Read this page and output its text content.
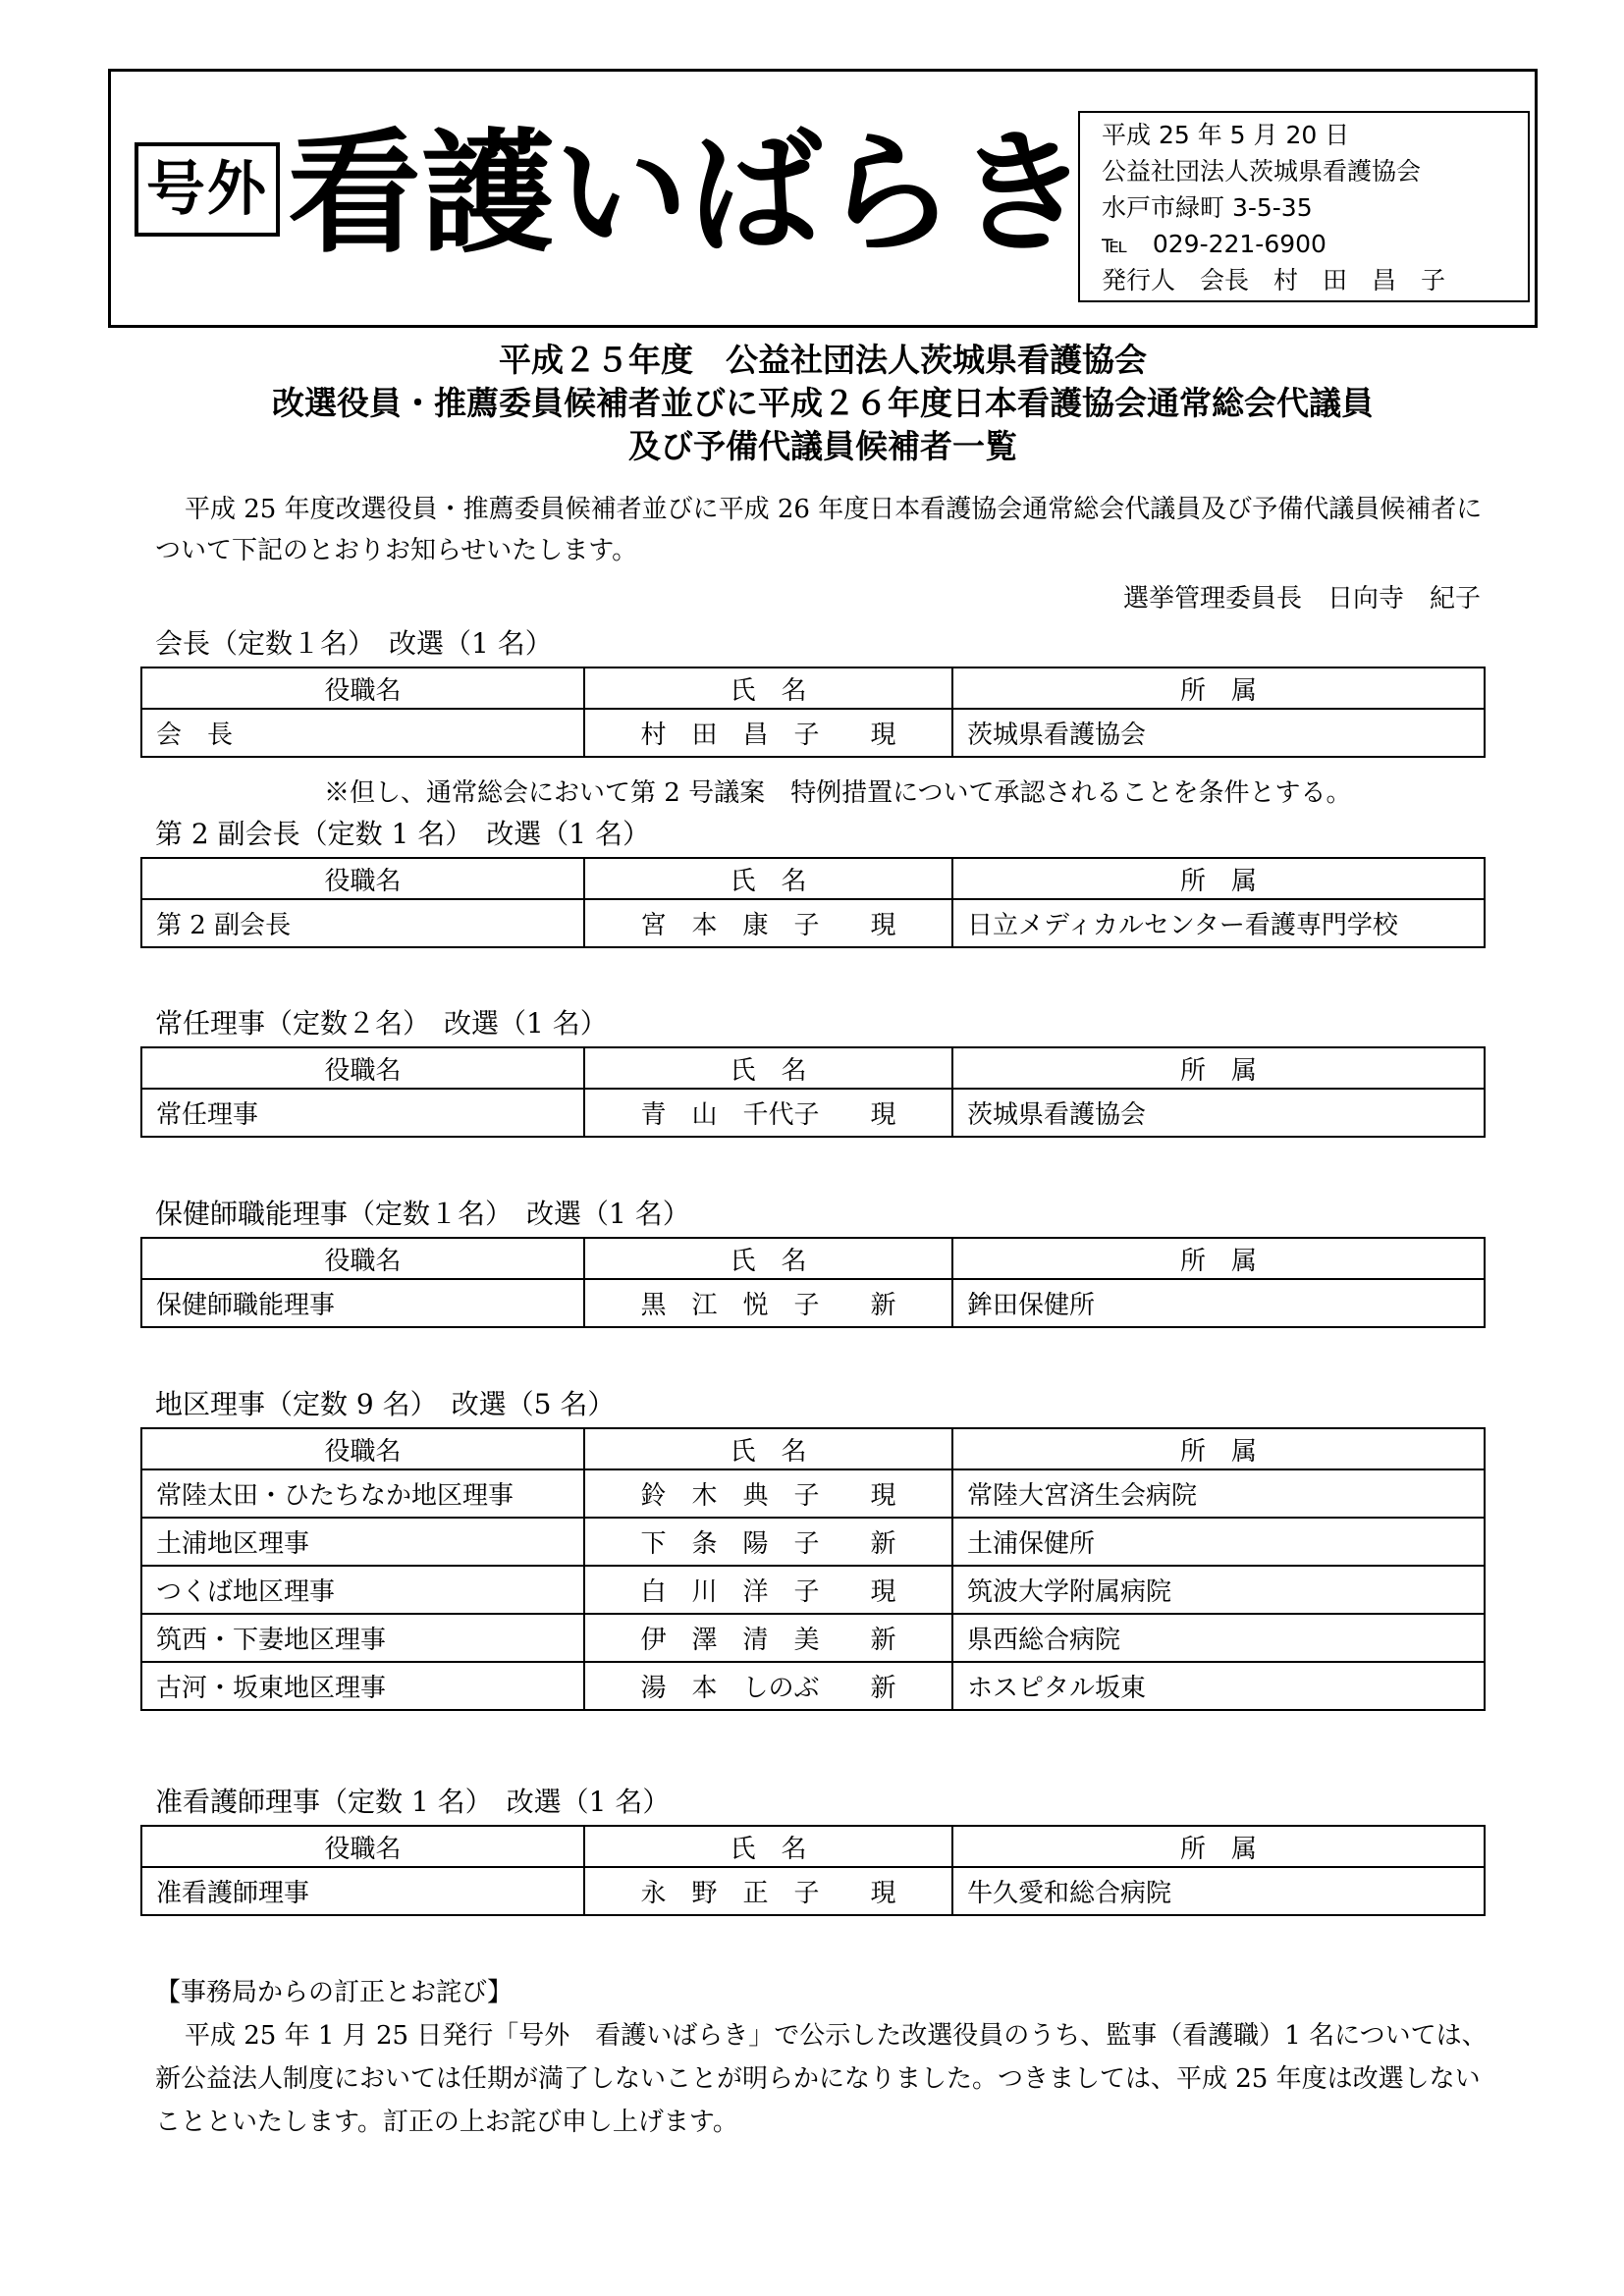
号外 看護いばらき 平成 25 年 5 月 20 日
公益社団法人茨城県看護協会
水戸市緑町 3-5-35
℡　029-221-6900
発行人　会長　村　田　昌　子
平成２５年度　公益社団法人茨城県看護協会
改選役員・推薦委員候補者並びに平成２６年度日本看護協会通常総会代議員
及び予備代議員候補者一覧
平成 25 年度改選役員・推薦委員候補者並びに平成 26 年度日本看護協会通常総会代議員及び予備代議員候補者について下記のとおりお知らせいたします。
選挙管理委員長　日向寺　紀子
会長（定数１名）　改選（1 名）
役職名	氏　名	所　属
会　長	村　田　昌　子　　現	茨城県看護協会
※但し、通常総会において第 2 号議案　特例措置について承認されることを条件とする。
第 2 副会長（定数 1 名）　改選（1 名）
役職名	氏　名	所　属
第 2 副会長	宮　本　康　子　　現	日立メディカルセンター看護専門学校
常任理事（定数２名）　改選（1 名）
役職名	氏　名	所　属
常任理事	青　山　千代子　　現	茨城県看護協会
保健師職能理事（定数１名）　改選（1 名）
役職名	氏　名	所　属
保健師職能理事	黒　江　悦　子　　新	鉾田保健所
地区理事（定数 9 名）　改選（5 名）
役職名	氏　名	所　属
常陸太田・ひたちなか地区理事	鈴　木　典　子　　現	常陸大宮済生会病院
土浦地区理事	下　条　陽　子　　新	土浦保健所
つくば地区理事	白　川　洋　子　　現	筑波大学附属病院
筑西・下妻地区理事	伊　澤　清　美　　新	県西総合病院
古河・坂東地区理事	湯　本　しのぶ　　新	ホスピタル坂東
准看護師理事（定数 1 名）　改選（1 名）
役職名	氏　名	所　属
准看護師理事	永　野　正　子　　現	牛久愛和総合病院
【事務局からの訂正とお詫び】
平成 25 年 1 月 25 日発行「号外　看護いばらき」で公示した改選役員のうち、監事（看護職）1 名については、新公益法人制度においては任期が満了しないことが明らかになりました。つきましては、平成 25 年度は改選しないことといたします。訂正の上お詫び申し上げます。
